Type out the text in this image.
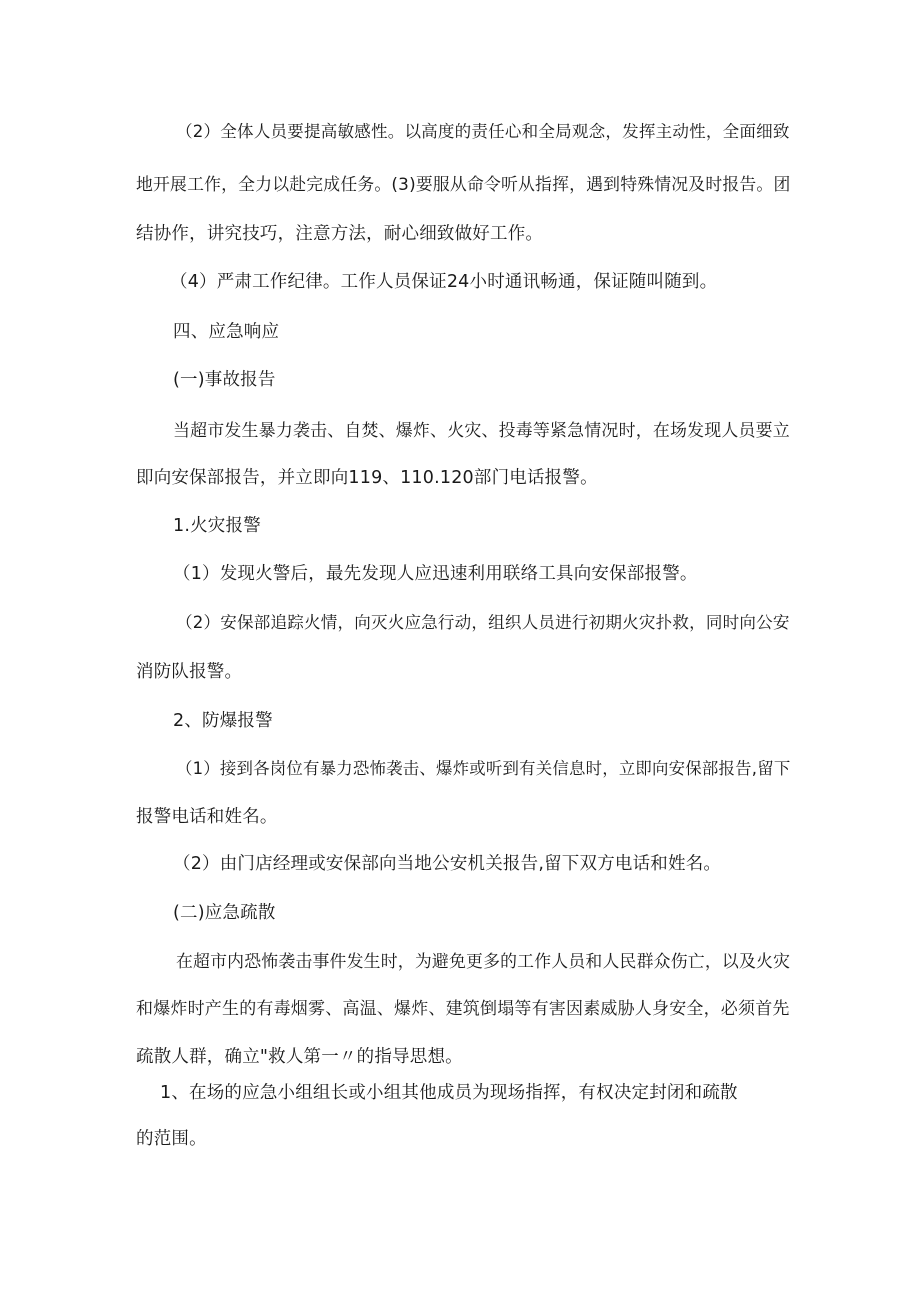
（2）全体人员要提高敏感性。以高度的责任心和全局观念，发挥主动性，全面细致
地开展工作，全力以赴完成任务。(3)要服从命令听从指挥，遇到特殊情况及时报告。团
结协作，讲究技巧，注意方法，耐心细致做好工作。
（4）严肃工作纪律。工作人员保证24小时通讯畅通，保证随叫随到。
四、应急响应
(一)事故报告
当超市发生暴力袭击、自焚、爆炸、火灾、投毒等紧急情况时，在场发现人员要立
即向安保部报告，并立即向119、110.120部门电话报警。
1.火灾报警
（1）发现火警后，最先发现人应迅速利用联络工具向安保部报警。
（2）安保部追踪火情，向灭火应急行动，组织人员进行初期火灾扑救，同时向公安
消防队报警。
2、防爆报警
（1）接到各岗位有暴力恐怖袭击、爆炸或听到有关信息时，立即向安保部报告,留下
报警电话和姓名。
（2）由门店经理或安保部向当地公安机关报告,留下双方电话和姓名。
(二)应急疏散
在超市内恐怖袭击事件发生时，为避免更多的工作人员和人民群众伤亡，以及火灾
和爆炸时产生的有毒烟雾、高温、爆炸、建筑倒塌等有害因素威胁人身安全，必须首先
疏散人群，确立"救人第一〃的指导思想。
1、在场的应急小组组长或小组其他成员为现场指挥，有权决定封闭和疏散
的范围。
